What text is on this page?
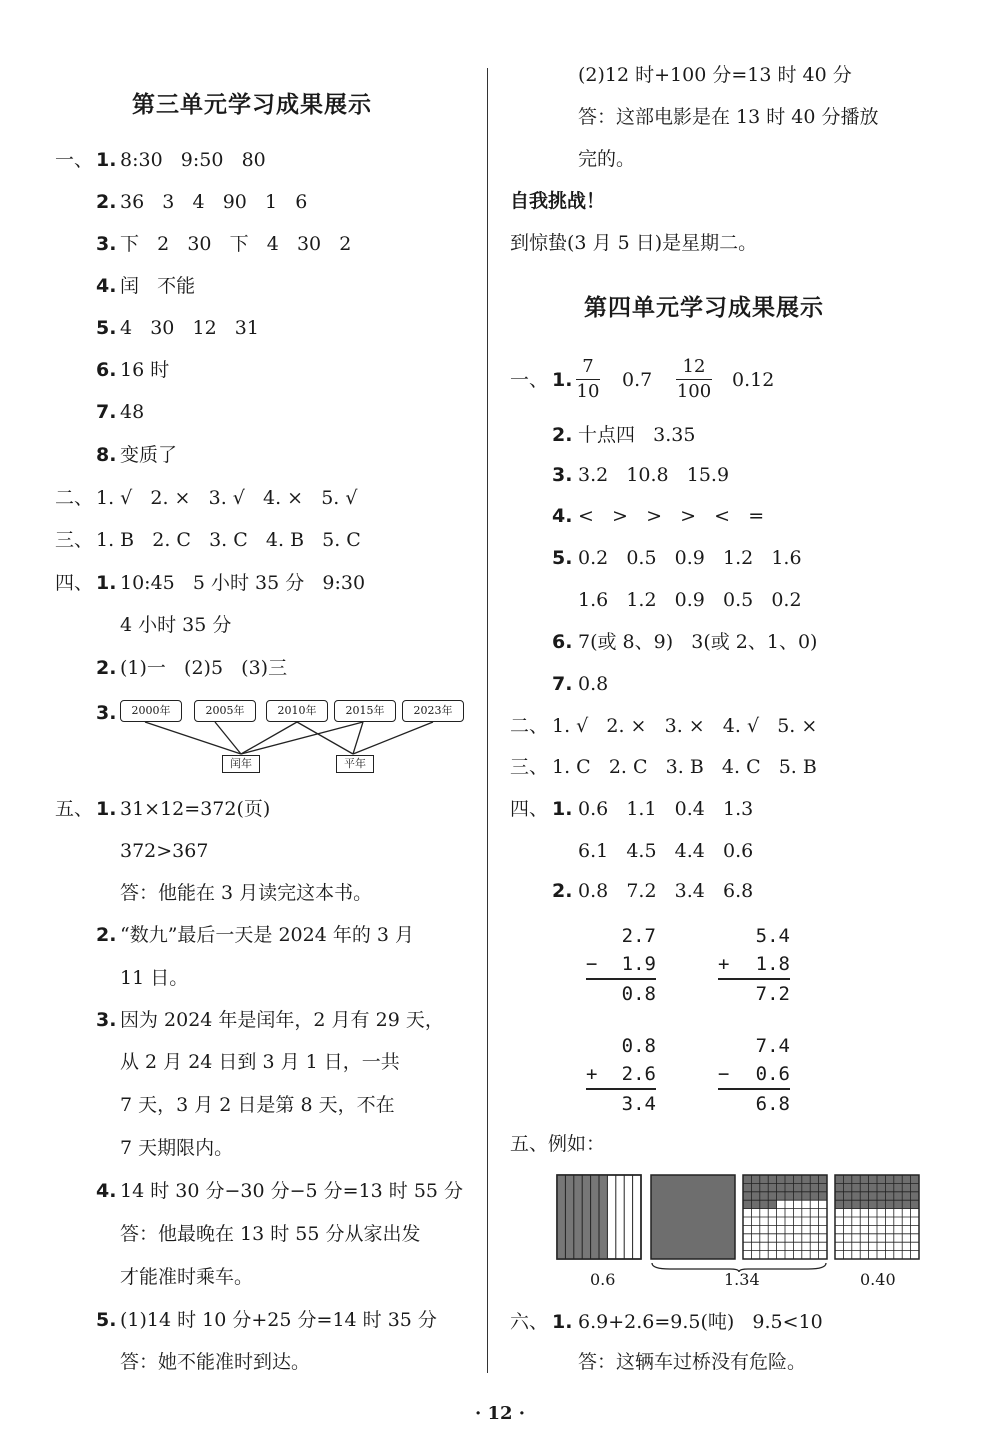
第三单元学习成果展示
一、 1. 8:30   9:50   80
2. 36   3   4   90   1   6
3. 下   2   30   下   4   30   2
4. 闰   不能
5. 4   30   12   31
6. 16 时
7. 48
8. 变质了
二、 1. √   2. ×   3. √   4. ×   5. √
三、 1. B   2. C   3. C   4. B   5. C
四、 1. 10:45   5 小时 35 分   9:30
4 小时 35 分
2. (1)一   (2)5   (3)三
3.	2000年	2005年	2010年	2015年	2023年
闰年	平年
五、 1. 31×12=372(页)
372>367
答：他能在 3 月读完这本书。
2. “数九”最后一天是 2024 年的 3 月
11 日。
3. 因为 2024 年是闰年，2 月有 29 天，
从 2 月 24 日到 3 月 1 日，一共
7 天，3 月 2 日是第 8 天，不在
7 天期限内。
4. 14 时 30 分−30 分−5 分=13 时 55 分
答：他最晚在 13 时 55 分从家出发
才能准时乘车。
5. (1)14 时 10 分+25 分=14 时 35 分
答：她不能准时到达。
(2)12 时+100 分=13 时 40 分
答：这部电影是在 13 时 40 分播放
完的。
自我挑战！
到惊蛰(3 月 5 日)是星期二。
第四单元学习成果展示
一、 1.
7
10
0.7
12
100
0.12
2. 十点四   3.35
3. 3.2   10.8   15.9
4. <   >   >   >   <   =
5. 0.2   0.5   0.9   1.2   1.6
1.6   1.2   0.9   0.5   0.2
6. 7(或 8、9)   3(或 2、1、0)
7. 0.8
二、 1. √   2. ×   3. ×   4. √   5. ×
三、 1. C   2. C   3. B   4. C   5. B
四、 1. 0.6   1.1   0.4   1.3
6.1   4.5   4.4   0.6
2. 0.8   7.2   3.4   6.8
2.7
− 1.9
0.8
5.4
+ 1.8
7.2
0.8
+ 2.6
3.4
7.4
− 0.6
6.8
五、例如：
0.6	1.34	0.40
六、 1. 6.9+2.6=9.5(吨)   9.5<10
答：这辆车过桥没有危险。
· 12 ·
